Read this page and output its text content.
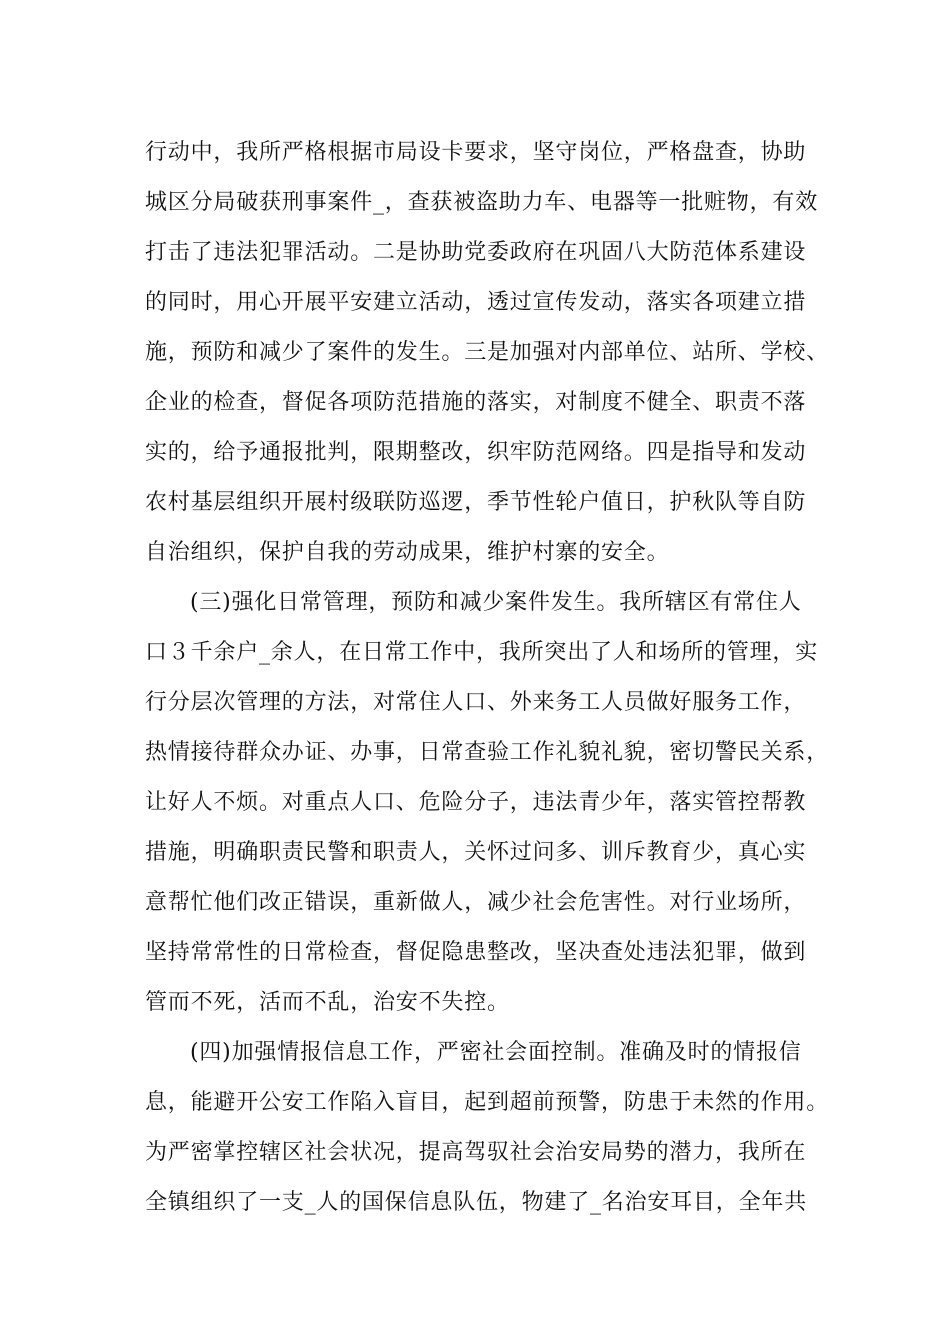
行动中，我所严格根据市局设卡要求，坚守岗位，严格盘查，协助
城区分局破获刑事案件_，查获被盗助力车、电器等一批赃物，有效
打击了违法犯罪活动。二是协助党委政府在巩固八大防范体系建设
的同时，用心开展平安建立活动，透过宣传发动，落实各项建立措
施，预防和减少了案件的发生。三是加强对内部单位、站所、学校、
企业的检查，督促各项防范措施的落实，对制度不健全、职责不落
实的，给予通报批判，限期整改，织牢防范网络。四是指导和发动
农村基层组织开展村级联防巡逻，季节性轮户值日，护秋队等自防
自治组织，保护自我的劳动成果，维护村寨的安全。
(三)强化日常管理，预防和减少案件发生。我所辖区有常住人
口３千余户_余人，在日常工作中，我所突出了人和场所的管理，实
行分层次管理的方法，对常住人口、外来务工人员做好服务工作，
热情接待群众办证、办事，日常查验工作礼貌礼貌，密切警民关系，
让好人不烦。对重点人口、危险分子，违法青少年，落实管控帮教
措施，明确职责民警和职责人，关怀过问多、训斥教育少，真心实
意帮忙他们改正错误，重新做人，减少社会危害性。对行业场所，
坚持常常性的日常检查，督促隐患整改，坚决查处违法犯罪，做到
管而不死，活而不乱，治安不失控。
(四)加强情报信息工作，严密社会面控制。准确及时的情报信
息，能避开公安工作陷入盲目，起到超前预警，防患于未然的作用。
为严密掌控辖区社会状况，提高驾驭社会治安局势的潜力，我所在
全镇组织了一支_人的国保信息队伍，物建了_名治安耳目，全年共
